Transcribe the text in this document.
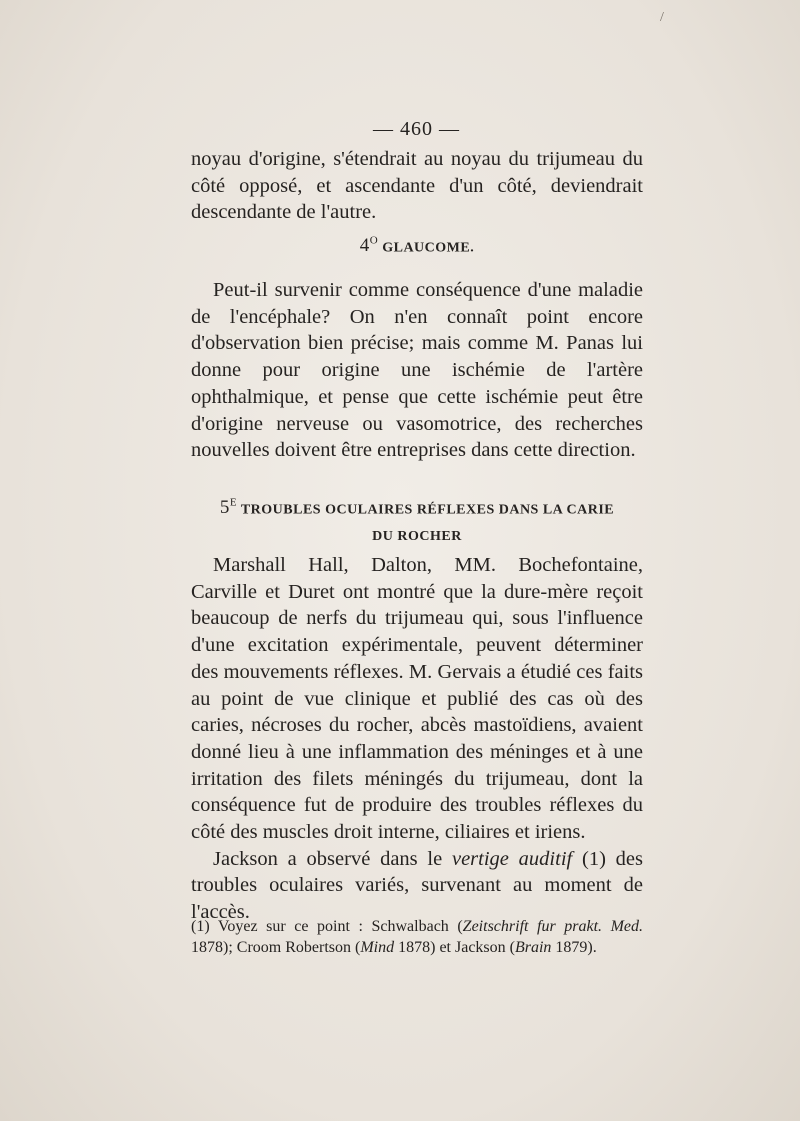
/
— 460 —

noyau d'origine, s'étendrait au noyau du trijumeau du côté opposé, et ascendante d'un côté, deviendrait descendante de l'autre.

$4^O$ GLAUCOME.

Peut-il survenir comme conséquence d'une maladie de l'encéphale? On n'en connaît point encore d'observation bien précise; mais comme M. Panas lui donne pour origine une ischémie de l'artère ophthalmique, et pense que cette ischémie peut être d'origine nerveuse ou vasomotrice, des recherches nouvelles doivent être entreprises dans cette direction.

$5^E$ TROUBLES OCULAIRES RÉFLEXES DANS LA CARIE
DU ROCHER

Marshall Hall, Dalton, MM. Bochefontaine, Carville et Duret ont montré que la dure-mère reçoit beaucoup de nerfs du trijumeau qui, sous l'influence d'une excitation expérimentale, peuvent déterminer des mouvements réflexes. M. Gervais a étudié ces faits au point de vue clinique et publié des cas où des caries, nécroses du rocher, abcès mastoïdiens, avaient donné lieu à une inflammation des méninges et à une irritation des filets méningés du trijumeau, dont la conséquence fut de produire des troubles réflexes du côté des muscles droit interne, ciliaires et iriens.

Jackson a observé dans le vertige auditif (1) des troubles oculaires variés, survenant au moment de l'accès.

(1) Voyez sur ce point : Schwalbach (Zeitschrift fur prakt. Med. 1878); Croom Robertson (Mind 1878) et Jackson (Brain 1879).
